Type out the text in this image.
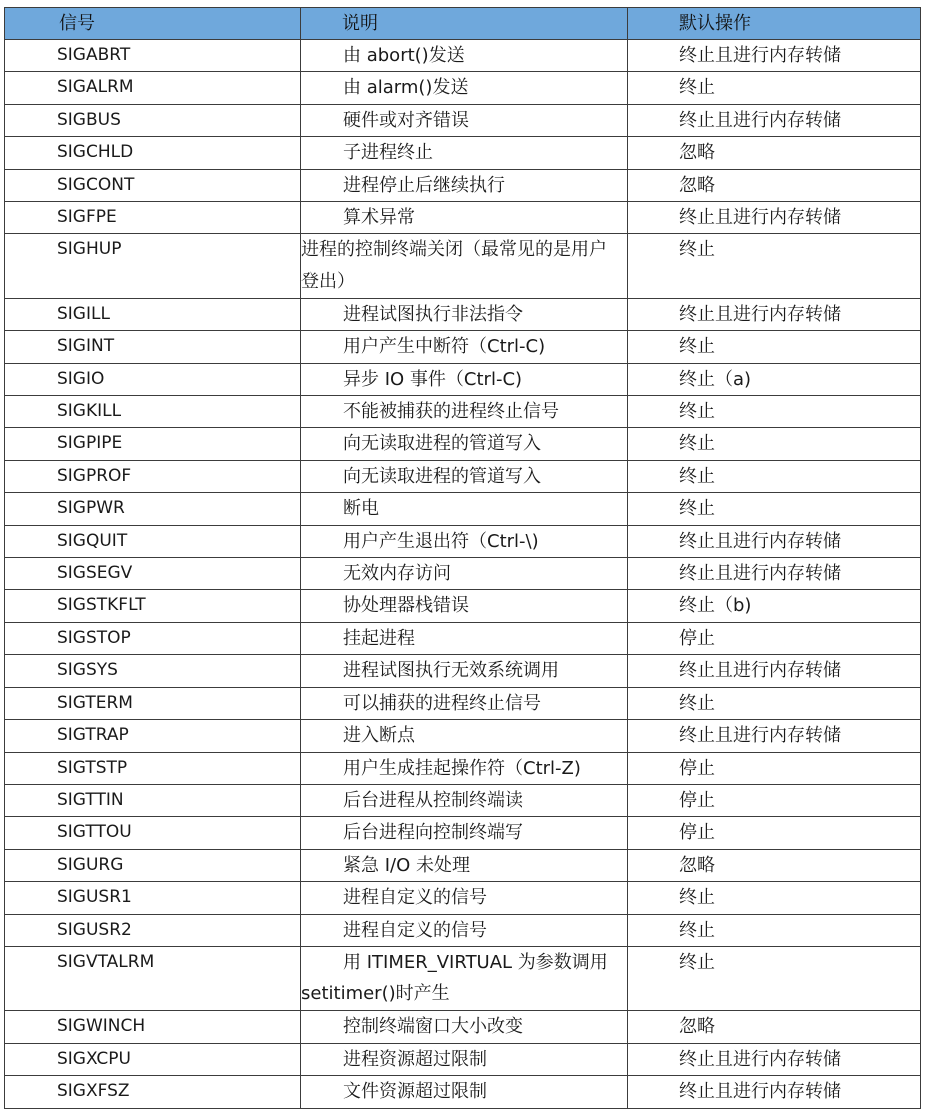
信号	说明	默认操作
SIGABRT	由 abort()发送	终止且进行内存转储
SIGALRM	由 alarm()发送	终止
SIGBUS	硬件或对齐错误	终止且进行内存转储
SIGCHLD	子进程终止	忽略
SIGCONT	进程停止后继续执行	忽略
SIGFPE	算术异常	终止且进行内存转储
SIGHUP	进程的控制终端关闭（最常见的是用户登出）	终止
SIGILL	进程试图执行非法指令	终止且进行内存转储
SIGINT	用户产生中断符（Ctrl-C)	终止
SIGIO	异步 IO 事件（Ctrl-C)	终止（a)
SIGKILL	不能被捕获的进程终止信号	终止
SIGPIPE	向无读取进程的管道写入	终止
SIGPROF	向无读取进程的管道写入	终止
SIGPWR	断电	终止
SIGQUIT	用户产生退出符（Ctrl-\)	终止且进行内存转储
SIGSEGV	无效内存访问	终止且进行内存转储
SIGSTKFLT	协处理器栈错误	终止（b)
SIGSTOP	挂起进程	停止
SIGSYS	进程试图执行无效系统调用	终止且进行内存转储
SIGTERM	可以捕获的进程终止信号	终止
SIGTRAP	进入断点	终止且进行内存转储
SIGTSTP	用户生成挂起操作符（Ctrl-Z)	停止
SIGTTIN	后台进程从控制终端读	停止
SIGTTOU	后台进程向控制终端写	停止
SIGURG	紧急 I/O 未处理	忽略
SIGUSR1	进程自定义的信号	终止
SIGUSR2	进程自定义的信号	终止
SIGVTALRM	用 ITIMER_VIRTUAL 为参数调用 setitimer()时产生	终止
SIGWINCH	控制终端窗口大小改变	忽略
SIGXCPU	进程资源超过限制	终止且进行内存转储
SIGXFSZ	文件资源超过限制	终止且进行内存转储
